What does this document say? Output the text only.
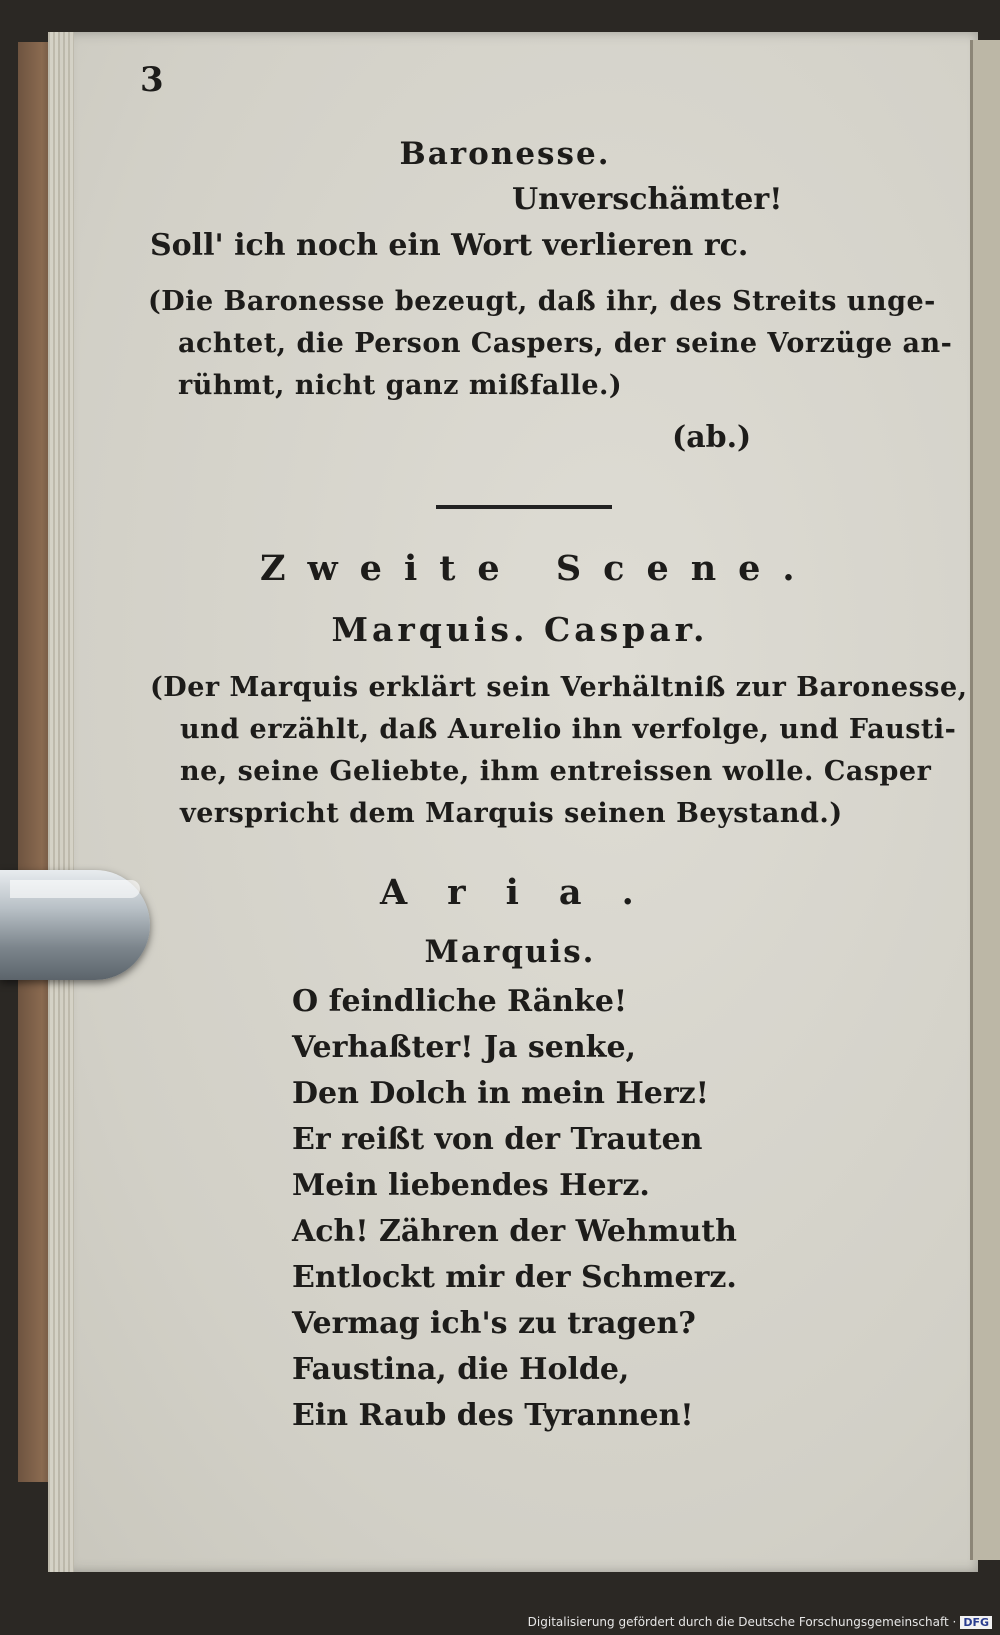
3
Baronesse.
Unverschämter!
Soll' ich noch ein Wort verlieren rc.
(Die Baronesse bezeugt, daß ihr, des Streits unge-
achtet, die Person Caspers, der seine Vorzüge an-
rühmt, nicht ganz mißfalle.)
(ab.)
Zweite Scene.
Marquis. Caspar.
(Der Marquis erklärt sein Verhältniß zur Baronesse,
und erzählt, daß Aurelio ihn verfolge, und Fausti-
ne, seine Geliebte, ihm entreissen wolle. Casper
verspricht dem Marquis seinen Beystand.)
Aria.
Marquis.
O feindliche Ränke!
Verhaßter! Ja senke,
Den Dolch in mein Herz!
Er reißt von der Trauten
Mein liebendes Herz.
Ach! Zähren der Wehmuth
Entlockt mir der Schmerz.
Vermag ich's zu tragen?
Faustina, die Holde,
Ein Raub des Tyrannen!
Digitalisierung gefördert durch die Deutsche Forschungsgemeinschaft · DFG
